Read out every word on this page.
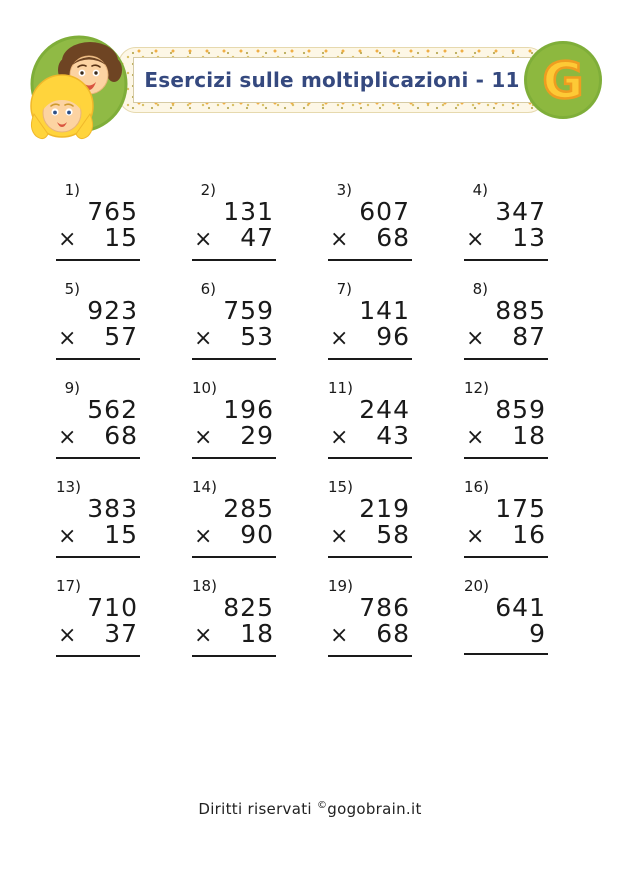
Esercizi sulle moltiplicazioni - 11 G
1)
765
× 15
2)
131
× 47
3)
607
× 68
4)
347
× 13
5)
923
× 57
6)
759
× 53
7)
141
× 96
8)
885
× 87
9)
562
× 68
10)
196
× 29
11)
244
× 43
12)
859
× 18
13)
383
× 15
14)
285
× 90
15)
219
× 58
16)
175
× 16
17)
710
× 37
18)
825
× 18
19)
786
× 68
20)
641
9
Diritti riservati ©gogobrain.it
